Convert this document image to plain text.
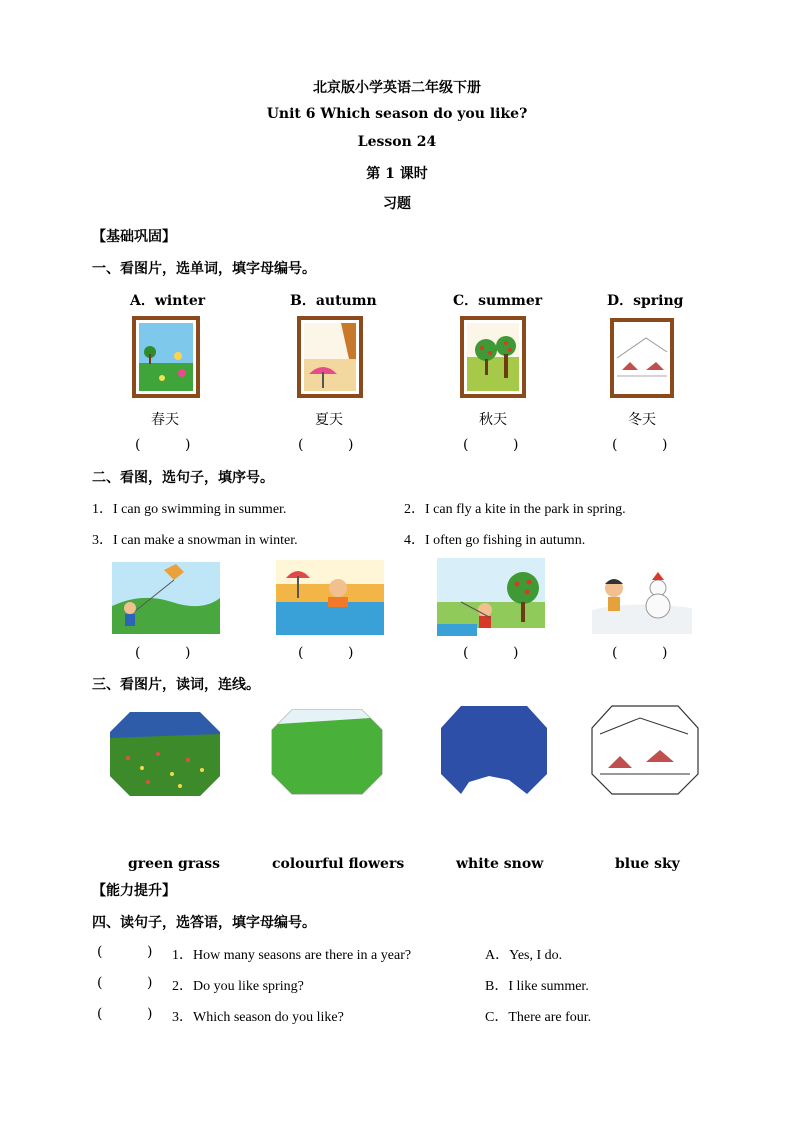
北京版小学英语二年级下册
Unit 6 Which season do you like?
Lesson 24
第 1 课时
习题
【基础巩固】
一、看图片，选单词，填字母编号。
A．winter	B．autumn	C．summer	D．spring
春天	夏天	秋天	冬天
(          )	(          )	(          )	(          )
二、看图，选句子，填序号。
1．I can go swimming in summer.	2．I can fly a kite in the park in spring.
3．I can make a snowman in winter.	4．I often go fishing in autumn.
(          )	(          )	(          )	(          )
三、看图片，读词，连线。
green grass	colourful flowers	white snow	blue sky
【能力提升】
四、读句子，选答语，填字母编号。
(          ) 1．How many seasons are there in a year?	A．Yes, I do.
(          ) 2．Do you like spring?	B．I like summer.
(          ) 3．Which season do you like?	C．There are four.
